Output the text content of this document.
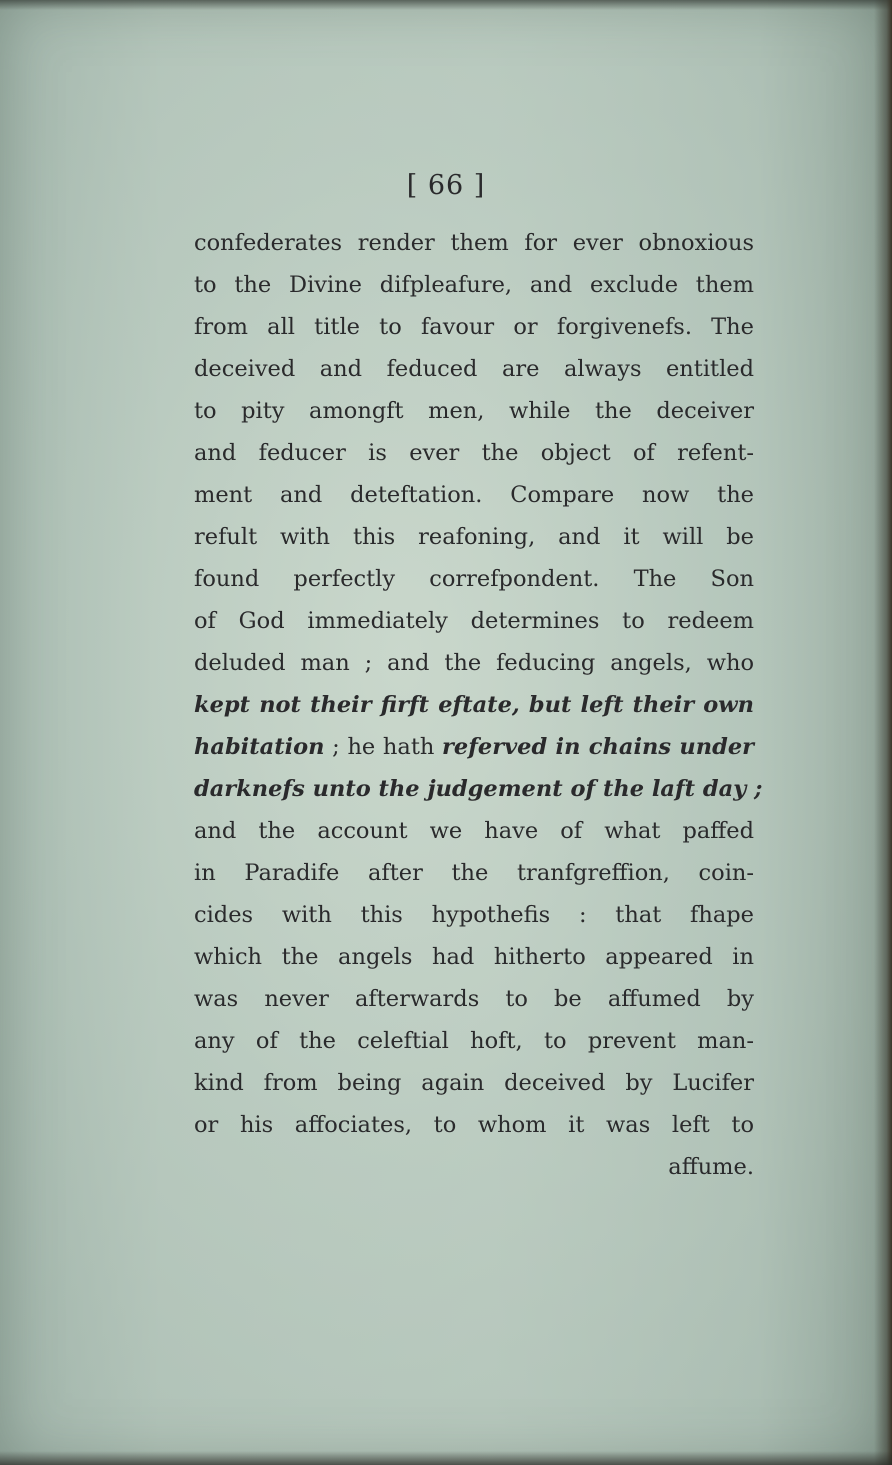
[ 66 ]
confederates render them for ever obnoxious
to the Divine difpleafure, and exclude them
from all title to favour or forgivenefs. The
deceived and feduced are always entitled
to pity amongft men, while the deceiver
and feducer is ever the object of refent-
ment and deteftation. Compare now the
refult with this reafoning, and it will be
found perfectly correfpondent. The Son
of God immediately determines to redeem
deluded man ; and the feducing angels, who
kept not their firft eftate, but left their own
habitation ; he hath referved in chains under
darknefs unto the judgement of the laft day ;
and the account we have of what paffed
in Paradife after the tranfgreffion, coin-
cides with this hypothefis : that fhape
which the angels had hitherto appeared in
was never afterwards to be affumed by
any of the celeftial hoft, to prevent man-
kind from being again deceived by Lucifer
or his affociates, to whom it was left to
affume.
